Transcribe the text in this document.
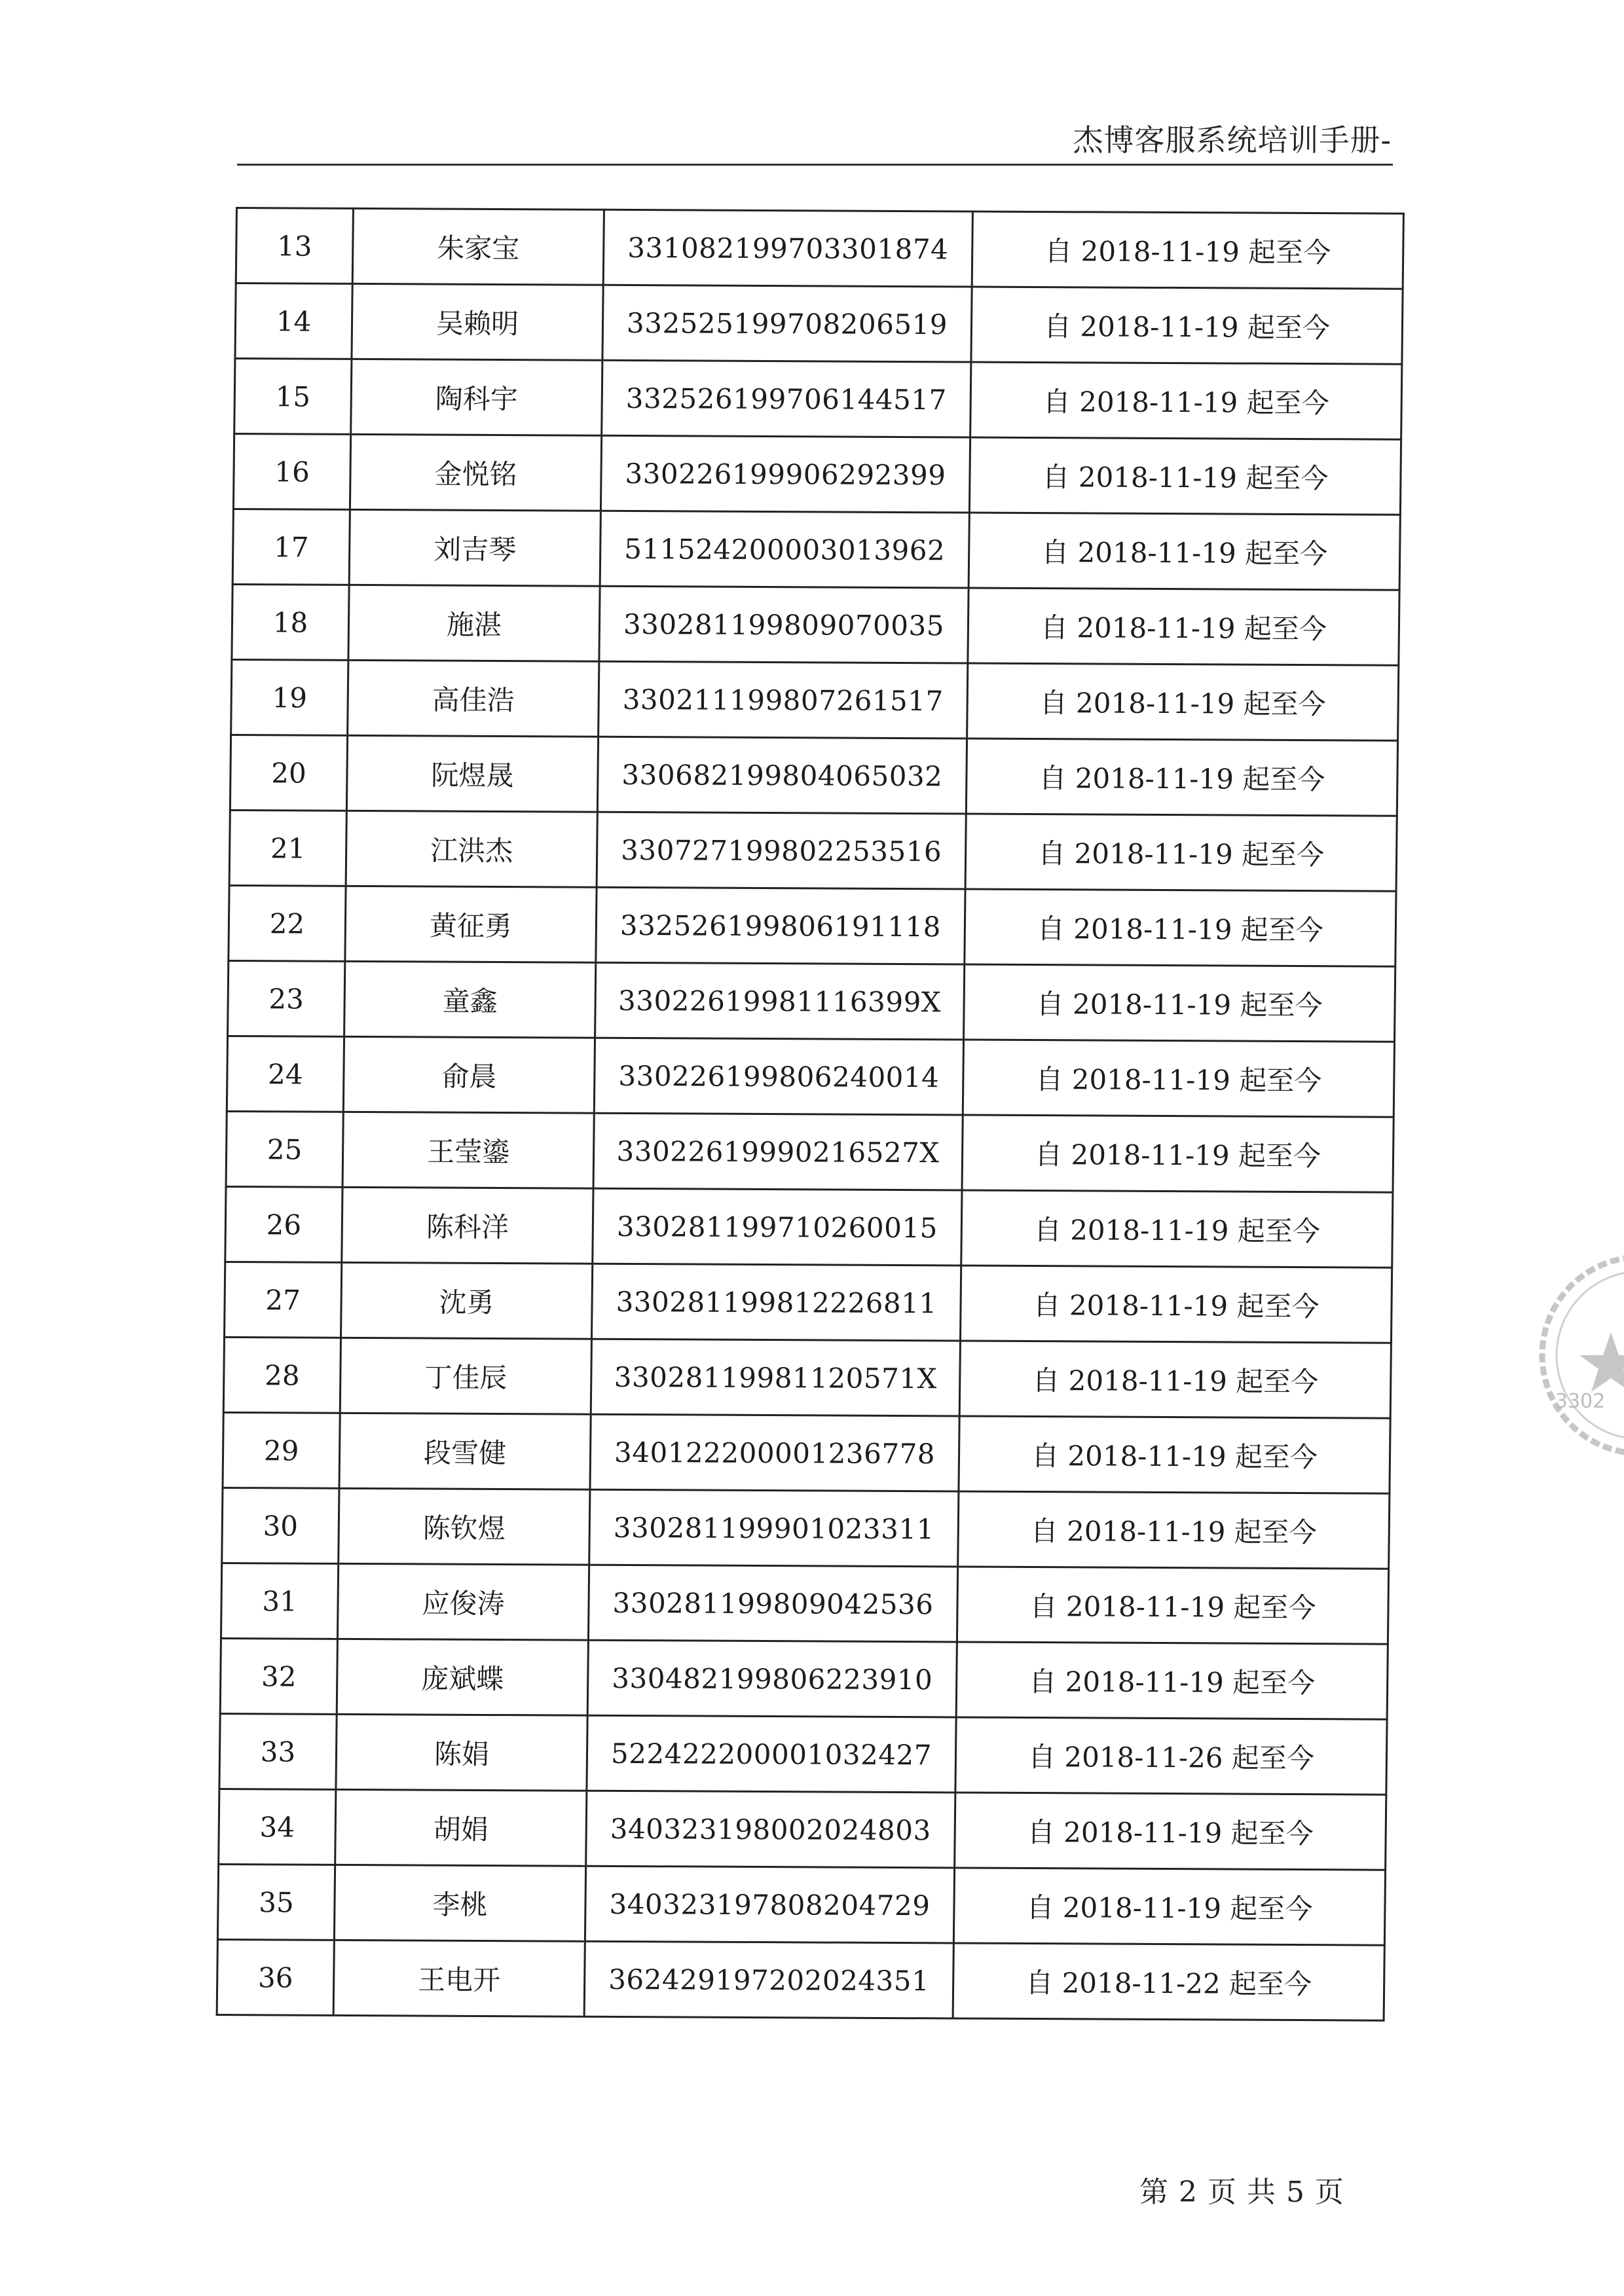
杰博客服系统培训手册-
13	朱家宝	331082199703301874	自 2018-11-19 起至今
14	吴赖明	332525199708206519	自 2018-11-19 起至今
15	陶科宇	332526199706144517	自 2018-11-19 起至今
16	金悦铭	330226199906292399	自 2018-11-19 起至今
17	刘吉琴	511524200003013962	自 2018-11-19 起至今
18	施湛	330281199809070035	自 2018-11-19 起至今
19	高佳浩	330211199807261517	自 2018-11-19 起至今
20	阮煜晟	330682199804065032	自 2018-11-19 起至今
21	江洪杰	330727199802253516	自 2018-11-19 起至今
22	黄征勇	332526199806191118	自 2018-11-19 起至今
23	童鑫	33022619981116399X	自 2018-11-19 起至今
24	俞晨	330226199806240014	自 2018-11-19 起至今
25	王莹鎏	33022619990216527X	自 2018-11-19 起至今
26	陈科洋	330281199710260015	自 2018-11-19 起至今
27	沈勇	330281199812226811	自 2018-11-19 起至今
28	丁佳辰	33028119981120571X	自 2018-11-19 起至今
29	段雪健	340122200001236778	自 2018-11-19 起至今
30	陈钦煜	330281199901023311	自 2018-11-19 起至今
31	应俊涛	330281199809042536	自 2018-11-19 起至今
32	庞斌蝶	330482199806223910	自 2018-11-19 起至今
33	陈娟	522422200001032427	自 2018-11-26 起至今
34	胡娟	340323198002024803	自 2018-11-19 起至今
35	李桃	340323197808204729	自 2018-11-19 起至今
36	王电开	362429197202024351	自 2018-11-22 起至今
第 2 页 共 5 页
3302
